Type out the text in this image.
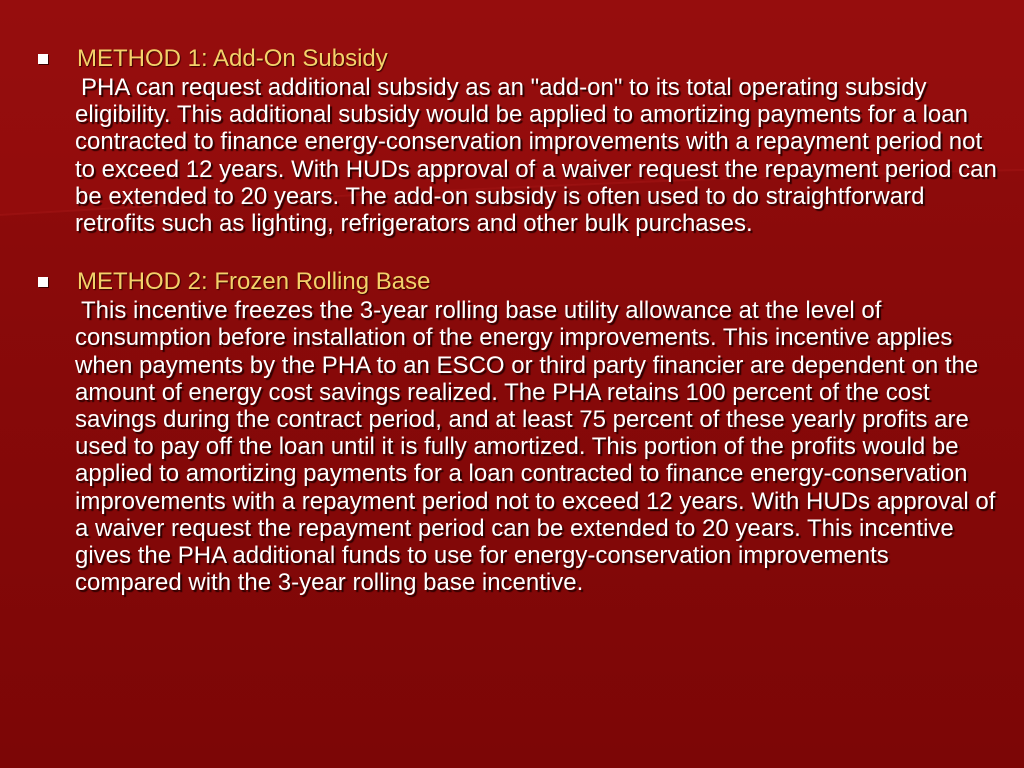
METHOD 1: Add-On Subsidy
PHA can request additional subsidy as an "add-on" to its total operating subsidy eligibility. This additional subsidy would be applied to amortizing payments for a loan contracted to finance energy-conservation improvements with a repayment period not to exceed 12 years. With HUDs approval of a waiver request the repayment period can be extended to 20 years. The add-on subsidy is often used to do straightforward retrofits such as lighting, refrigerators and other bulk purchases.
METHOD 2: Frozen Rolling Base
This incentive freezes the 3-year rolling base utility allowance at the level of consumption before installation of the energy improvements. This incentive applies when payments by the PHA to an ESCO or third party financier are dependent on the amount of energy cost savings realized. The PHA retains 100 percent of the cost savings during the contract period, and at least 75 percent of these yearly profits are used to pay off the loan until it is fully amortized. This portion of the profits would be applied to amortizing payments for a loan contracted to finance energy-conservation improvements with a repayment period not to exceed 12 years. With HUDs approval of a waiver request the repayment period can be extended to 20 years. This incentive gives the PHA additional funds to use for energy-conservation improvements compared with the 3-year rolling base incentive.
